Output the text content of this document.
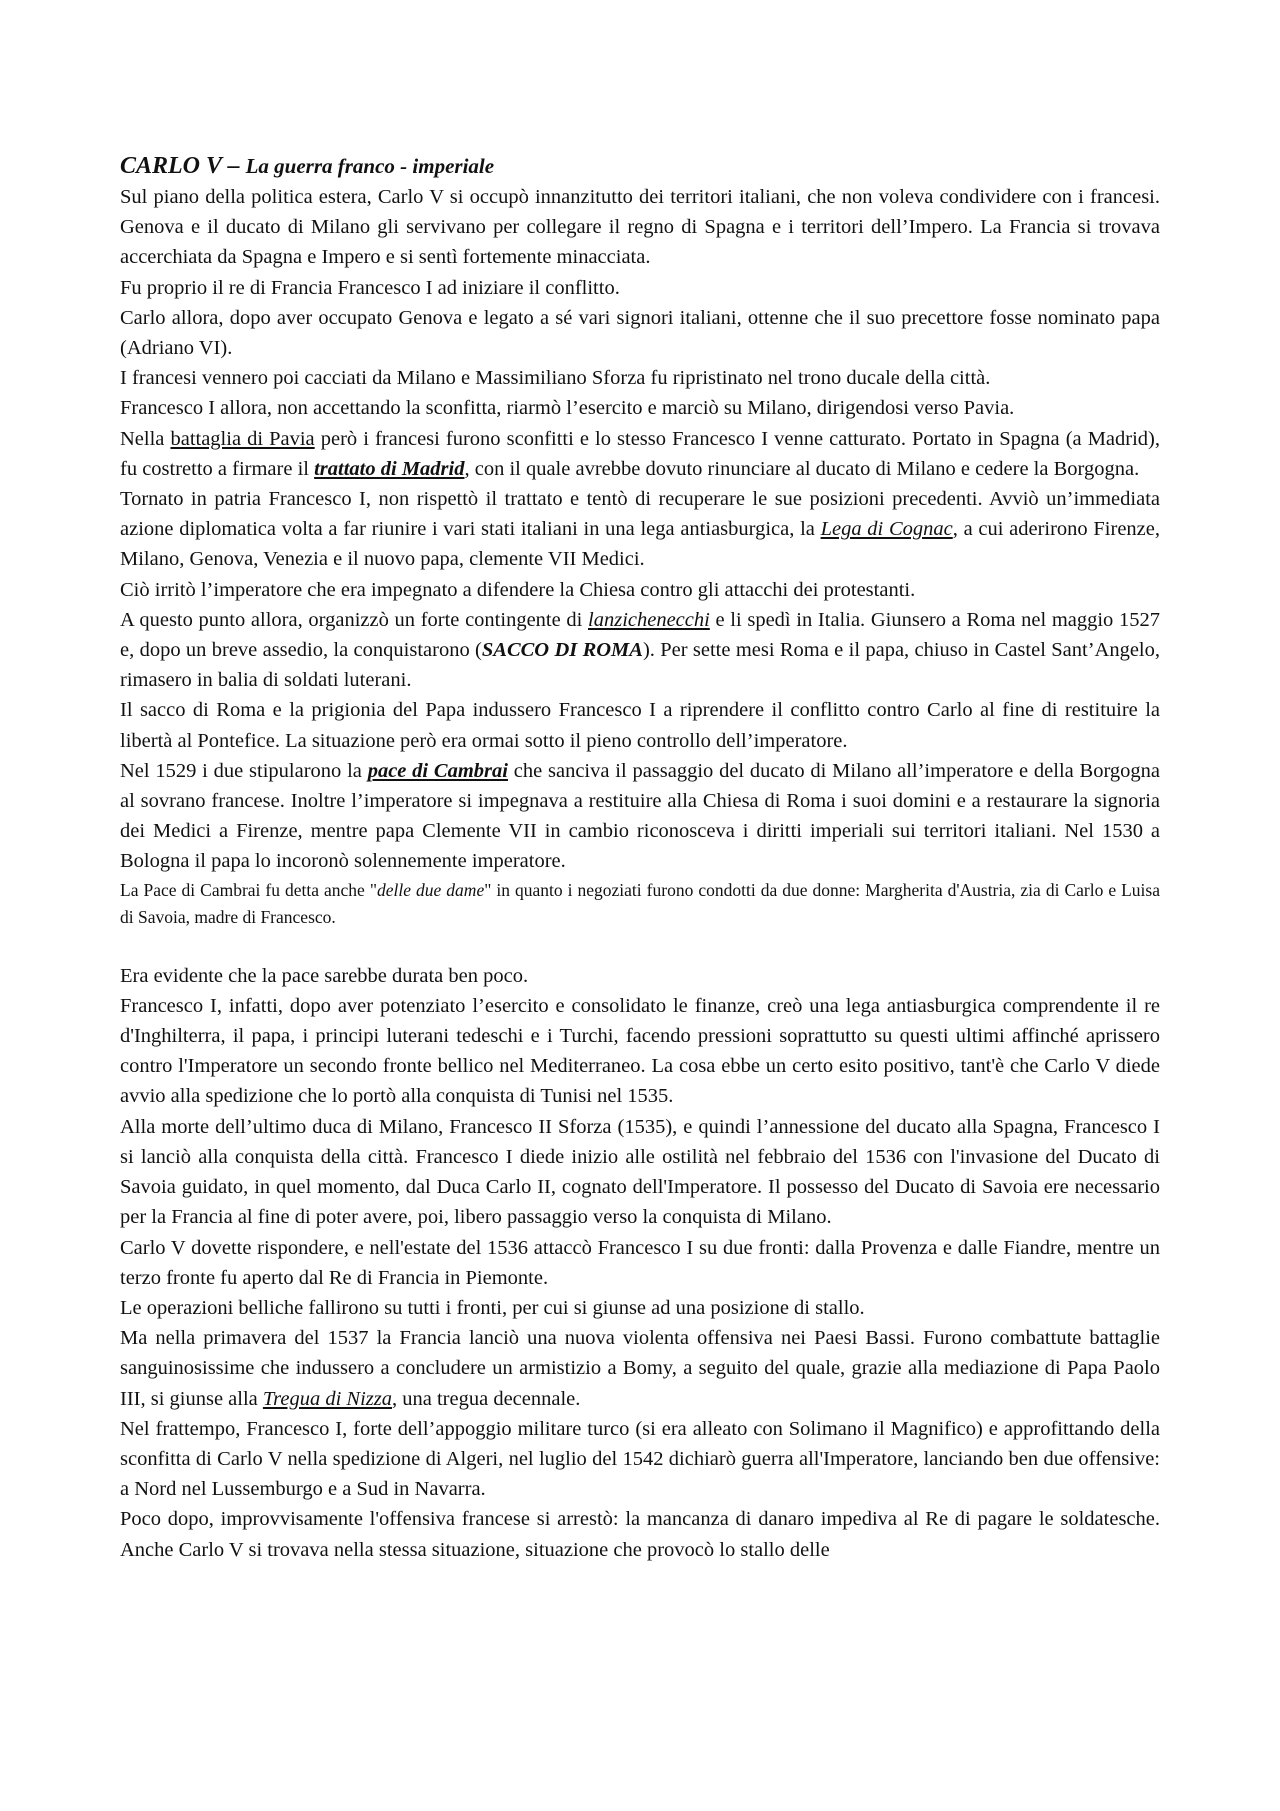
CARLO V – La guerra franco - imperiale

Sul piano della politica estera, Carlo V si occupò innanzitutto dei territori italiani, che non voleva condividere con i francesi. Genova e il ducato di Milano gli servivano per collegare il regno di Spagna e i territori dell’Impero. La Francia si trovava accerchiata da Spagna e Impero e si sentì fortemente minacciata.

Fu proprio il re di Francia Francesco I ad iniziare il conflitto.

Carlo allora, dopo aver occupato Genova e legato a sé vari signori italiani, ottenne che il suo precettore fosse nominato papa (Adriano VI).

I francesi vennero poi cacciati da Milano e Massimiliano Sforza fu ripristinato nel trono ducale della città.

Francesco I allora, non accettando la sconfitta, riarmò l’esercito e marciò su Milano, dirigendosi verso Pavia.

Nella battaglia di Pavia però i francesi furono sconfitti e lo stesso Francesco I venne catturato. Portato in Spagna (a Madrid), fu costretto a firmare il trattato di Madrid, con il quale avrebbe dovuto rinunciare al ducato di Milano e cedere la Borgogna.

Tornato in patria Francesco I, non rispettò il trattato e tentò di recuperare le sue posizioni precedenti. Avviò un’immediata azione diplomatica volta a far riunire i vari stati italiani in una lega antiasburgica, la Lega di Cognac, a cui aderirono Firenze, Milano, Genova, Venezia e il nuovo papa, clemente VII Medici.

Ciò irritò l’imperatore che era impegnato a difendere la Chiesa contro gli attacchi dei protestanti.

A questo punto allora, organizzò un forte contingente di lanzichenecchi e li spedì in Italia. Giunsero a Roma nel maggio 1527 e, dopo un breve assedio, la conquistarono (SACCO DI ROMA). Per sette mesi Roma e il papa, chiuso in Castel Sant’Angelo, rimasero in balia di soldati luterani.

Il sacco di Roma e la prigionia del Papa indussero Francesco I a riprendere il conflitto contro Carlo al fine di restituire la libertà al Pontefice. La situazione però era ormai sotto il pieno controllo dell’imperatore.

Nel 1529 i due stipularono la pace di Cambrai che sanciva il passaggio del ducato di Milano all’imperatore e della Borgogna al sovrano francese. Inoltre l’imperatore si impegnava a restituire alla Chiesa di Roma i suoi domini e a restaurare la signoria dei Medici a Firenze, mentre papa Clemente VII in cambio riconosceva i diritti imperiali sui territori italiani. Nel 1530 a Bologna il papa lo incoronò solennemente imperatore.

La Pace di Cambrai fu detta anche "delle due dame" in quanto i negoziati furono condotti da due donne: Margherita d'Austria, zia di Carlo e Luisa di Savoia, madre di Francesco.

Era evidente che la pace sarebbe durata ben poco.

Francesco I, infatti, dopo aver potenziato l’esercito e consolidato le finanze, creò una lega antiasburgica comprendente il re d'Inghilterra, il papa, i principi luterani tedeschi e i Turchi, facendo pressioni soprattutto su questi ultimi affinché aprissero contro l'Imperatore un secondo fronte bellico nel Mediterraneo. La cosa ebbe un certo esito positivo, tant'è che Carlo V diede avvio alla spedizione che lo portò alla conquista di Tunisi nel 1535.

Alla morte dell’ultimo duca di Milano, Francesco II Sforza (1535), e quindi l’annessione del ducato alla Spagna, Francesco I si lanciò alla conquista della città. Francesco I diede inizio alle ostilità nel febbraio del 1536 con l'invasione del Ducato di Savoia guidato, in quel momento, dal Duca Carlo II, cognato dell'Imperatore. Il possesso del Ducato di Savoia ere necessario per la Francia al fine di poter avere, poi, libero passaggio verso la conquista di Milano.

Carlo V dovette rispondere, e nell'estate del 1536 attaccò Francesco I su due fronti: dalla Provenza e dalle Fiandre, mentre un terzo fronte fu aperto dal Re di Francia in Piemonte.

Le operazioni belliche fallirono su tutti i fronti, per cui si giunse ad una posizione di stallo.

Ma nella primavera del 1537 la Francia lanciò una nuova violenta offensiva nei Paesi Bassi. Furono combattute battaglie sanguinosissime che indussero a concludere un armistizio a Bomy, a seguito del quale, grazie alla mediazione di Papa Paolo III, si giunse alla Tregua di Nizza, una tregua decennale.

Nel frattempo, Francesco I, forte dell’appoggio militare turco (si era alleato con Solimano il Magnifico) e approfittando della sconfitta di Carlo V nella spedizione di Algeri, nel luglio del 1542 dichiarò guerra all'Imperatore, lanciando ben due offensive: a Nord nel Lussemburgo e a Sud in Navarra.

Poco dopo, improvvisamente l'offensiva francese si arrestò: la mancanza di danaro impediva al Re di pagare le soldatesche. Anche Carlo V si trovava nella stessa situazione, situazione che provocò lo stallo delle
